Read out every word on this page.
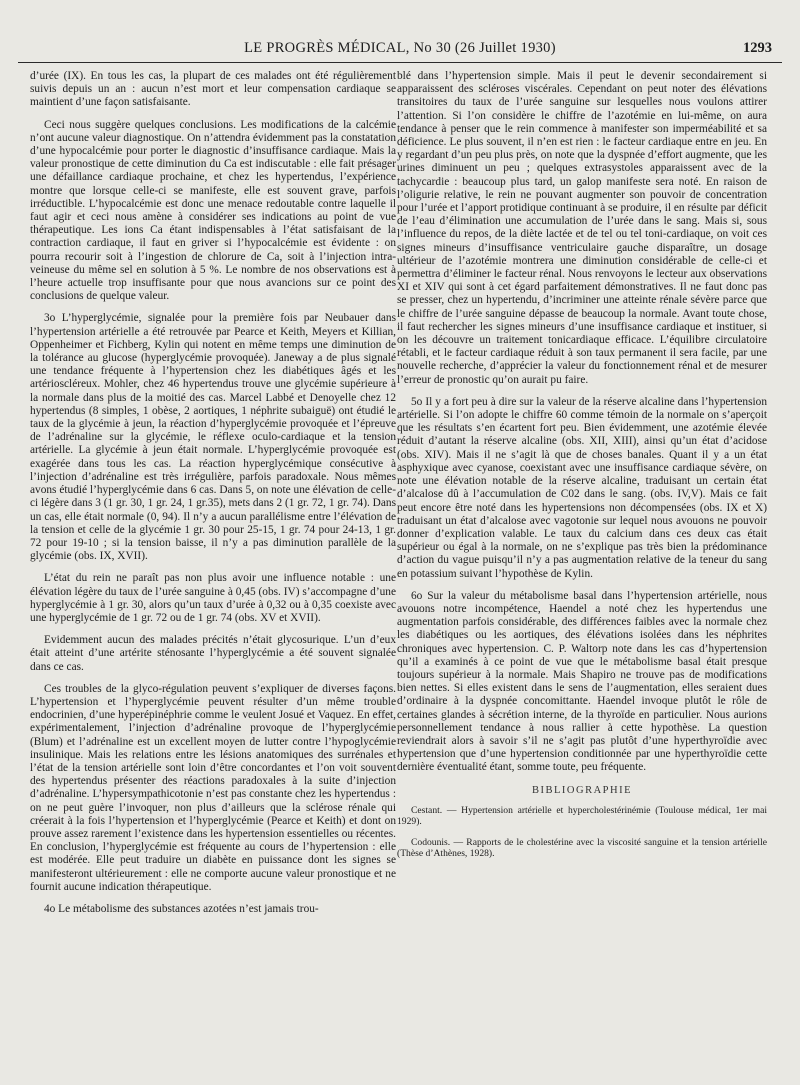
LE PROGRÈS MÉDICAL, No 30 (26 Juillet 1930)	1293

d’urée (IX). En tous les cas, la plupart de ces malades ont été régulièrement suivis depuis un an : aucun n’est mort et leur compensation cardiaque se maintient d’une façon satisfaisante.

Ceci nous suggère quelques conclusions. Les modifications de la calcémie n’ont aucune valeur diagnostique. On n’attendra évidemment pas la constatation d’une hypocalcémie pour porter le diagnostic d’insuffisance cardiaque. Mais la valeur pronostique de cette diminution du Ca est indiscutable : elle fait présager une défaillance cardiaque prochaine, et chez les hypertendus, l’expérience montre que lorsque celle-ci se manifeste, elle est souvent grave, parfois irréductible. L’hypocalcémie est donc une menace redoutable contre laquelle il faut agir et ceci nous amène à considérer ses indications au point de vue thérapeutique. Les ions Ca étant indispensables à l’état satisfaisant de la contraction cardiaque, il faut en griver si l’hypocalcémie est évidente : on pourra recourir soit à l’ingestion de chlorure de Ca, soit à l’injection intra-veineuse du même sel en solution à 5 %. Le nombre de nos observations est à l’heure actuelle trop insuffisante pour que nous avancions sur ce point des conclusions de quelque valeur.

3o L’hyperglycémie, signalée pour la première fois par Neubauer dans l’hypertension artérielle a été retrouvée par Pearce et Keith, Meyers et Killian, Oppenheimer et Fichberg, Kylin qui notent en même temps une diminution de la tolérance au glucose (hyperglycémie provoquée). Janeway a de plus signalé une tendance fréquente à l’hypertension chez les diabétiques âgés et les artérioscléreux. Mohler, chez 46 hypertendus trouve une glycémie supérieure à la normale dans plus de la moitié des cas. Marcel Labbé et Denoyelle chez 12 hypertendus (8 simples, 1 obèse, 2 aortiques, 1 néphrite subaiguë) ont étudié le taux de la glycémie à jeun, la réaction d’hyperglycémie provoquée et l’épreuve de l’adrénaline sur la glycémie, le réflexe oculo-cardiaque et la tension artérielle. La glycémie à jeun était normale. L’hyperglycémie provoquée est exagérée dans tous les cas. La réaction hyperglycémique consécutive à l’injection d’adrénaline est très irrégulière, parfois paradoxale. Nous mêmes avons étudié l’hyperglycémie dans 6 cas. Dans 5, on note une élévation de celle-ci légère dans 3 (1 gr. 30, 1 gr. 24, 1 gr.35), mets dans 2 (1 gr. 72, 1 gr. 74). Dans un cas, elle était normale (0, 94). Il n’y a aucun parallélisme entre l’élévation de la tension et celle de la glycémie 1 gr. 30 pour 25-15, 1 gr. 74 pour 24-13, 1 gr. 72 pour 19-10 ; si la tension baisse, il n’y a pas diminution parallèle de la glycémie (obs. IX, XVII).

L’état du rein ne paraît pas non plus avoir une influence notable : une élévation légère du taux de l’urée sanguine à 0,45 (obs. IV) s’accompagne d’une hyperglycémie à 1 gr. 30, alors qu’un taux d’urée à 0,32 ou à 0,35 coexiste avec une hyperglycémie de 1 gr. 72 ou de 1 gr. 74 (obs. XV et XVII).

Evidemment aucun des malades précités n’était glycosurique. L’un d’eux était atteint d’une artérite sténosante l’hyperglycémie a été souvent signalée dans ce cas.

Ces troubles de la glyco-régulation peuvent s’expliquer de diverses façons. L’hypertension et l’hyperglycémie peuvent résulter d’un même trouble endocrinien, d’une hyperépinéphrie comme le veulent Josué et Vaquez. En effet, expérimentalement, l’injection d’adrénaline provoque de l’hyperglycémie (Blum) et l’adrénaline est un excellent moyen de lutter contre l’hypoglycémie insulinique. Mais les relations entre les lésions anatomiques des surrénales et l’état de la tension artérielle sont loin d’être concordantes et l’on voit souvent des hypertendus présenter des réactions paradoxales à la suite d’injection d’adrénaline. L’hypersympathicotonie n’est pas constante chez les hypertendus : on ne peut guère l’invoquer, non plus d’ailleurs que la sclérose rénale qui créerait à la fois l’hypertension et l’hyperglycémie (Pearce et Keith) et dont on prouve assez rarement l’existence dans les hypertension essentielles ou récentes. En conclusion, l’hyperglycémie est fréquente au cours de l’hypertension : elle est modérée. Elle peut traduire un diabète en puissance dont les signes se manifesteront ultérieurement : elle ne comporte aucune valeur pronostique et ne fournit aucune indication thérapeutique.

4o Le métabolisme des substances azotées n’est jamais trou-

blé dans l’hypertension simple. Mais il peut le devenir secondairement si apparaissent des scléroses viscérales. Cependant on peut noter des élévations transitoires du taux de l’urée sanguine sur lesquelles nous voulons attirer l’attention. Si l’on considère le chiffre de l’azotémie en lui-même, on aura tendance à penser que le rein commence à manifester son imperméabilité et sa déficience. Le plus souvent, il n’en est rien : le facteur cardiaque entre en jeu. En y regardant d’un peu plus près, on note que la dyspnée d’effort augmente, que les urines diminuent un peu ; quelques extrasystoles apparaissent avec de la tachycardie : beaucoup plus tard, un galop manifeste sera noté. En raison de l’oligurie relative, le rein ne pouvant augmenter son pouvoir de concentration pour l’urée et l’apport protidique continuant à se produire, il en résulte par déficit de l’eau d’élimination une accumulation de l’urée dans le sang. Mais si, sous l’influence du repos, de la diète lactée et de tel ou tel toni-cardiaque, on voit ces signes mineurs d’insuffisance ventriculaire gauche disparaître, un dosage ultérieur de l’azotémie montrera une diminution considérable de celle-ci et permettra d’éliminer le facteur rénal. Nous renvoyons le lecteur aux observations XI et XIV qui sont à cet égard parfaitement démonstratives. Il ne faut donc pas se presser, chez un hypertendu, d’incriminer une atteinte rénale sévère parce que le chiffre de l’urée sanguine dépasse de beaucoup la normale. Avant toute chose, il faut rechercher les signes mineurs d’une insuffisance cardiaque et instituer, si on les découvre un traitement tonicardiaque efficace. L’équilibre circulatoire rétabli, et le facteur cardiaque réduit à son taux permanent il sera facile, par une nouvelle recherche, d’apprécier la valeur du fonctionnement rénal et de mesurer l’erreur de pronostic qu’on aurait pu faire.

5o Il y a fort peu à dire sur la valeur de la réserve alcaline dans l’hypertension artérielle. Si l’on adopte le chiffre 60 comme témoin de la normale on s’aperçoit que les résultats s’en écartent fort peu. Bien évidemment, une azotémie élevée réduit d’autant la réserve alcaline (obs. XII, XIII), ainsi qu’un état d’acidose (obs. XIV). Mais il ne s’agit là que de choses banales. Quant il y a un état asphyxique avec cyanose, coexistant avec une insuffisance cardiaque sévère, on note une élévation notable de la réserve alcaline, traduisant un certain état d’alcalose dû à l’accumulation de C02 dans le sang. (obs. IV,V). Mais ce fait peut encore être noté dans les hypertensions non décompensées (obs. IX et X) traduisant un état d’alcalose avec vagotonie sur lequel nous avouons ne pouvoir donner d’explication valable. Le taux du calcium dans ces deux cas était supérieur ou égal à la normale, on ne s’explique pas très bien la prédominance d’action du vague puisqu’il n’y a pas augmentation relative de la teneur du sang en potassium suivant l’hypothèse de Kylin.

6o Sur la valeur du métabolisme basal dans l’hypertension artérielle, nous avouons notre incompétence, Haendel a noté chez les hypertendus une augmentation parfois considérable, des différences faibles avec la normale chez les diabétiques ou les aortiques, des élévations isolées dans les néphrites chroniques avec hypertension. C. P. Waltorp note dans les cas d’hypertension qu’il a examinés à ce point de vue que le métabolisme basal était presque toujours supérieur à la normale. Mais Shapiro ne trouve pas de modifications bien nettes. Si elles existent dans le sens de l’augmentation, elles seraient dues d’ordinaire à la dyspnée concomittante. Haendel invoque plutôt le rôle de certaines glandes à sécrétion interne, de la thyroïde en particulier. Nous aurions personnellement tendance à nous rallier à cette hypothèse. La question reviendrait alors à savoir s’il ne s’agit pas plutôt d’une hyperthyroïdie avec hypertension que d’une hypertension conditionnée par une hyperthyroïdie cette dernière éventualité étant, somme toute, peu fréquente.

BIBLIOGRAPHIE

Cestant. — Hypertension artérielle et hypercholestérinémie (Toulouse médical, 1er mai 1929).

Codounis. — Rapports de le cholestérine avec la viscosité sanguine et la tension artérielle (Thèse d’Athènes, 1928).
